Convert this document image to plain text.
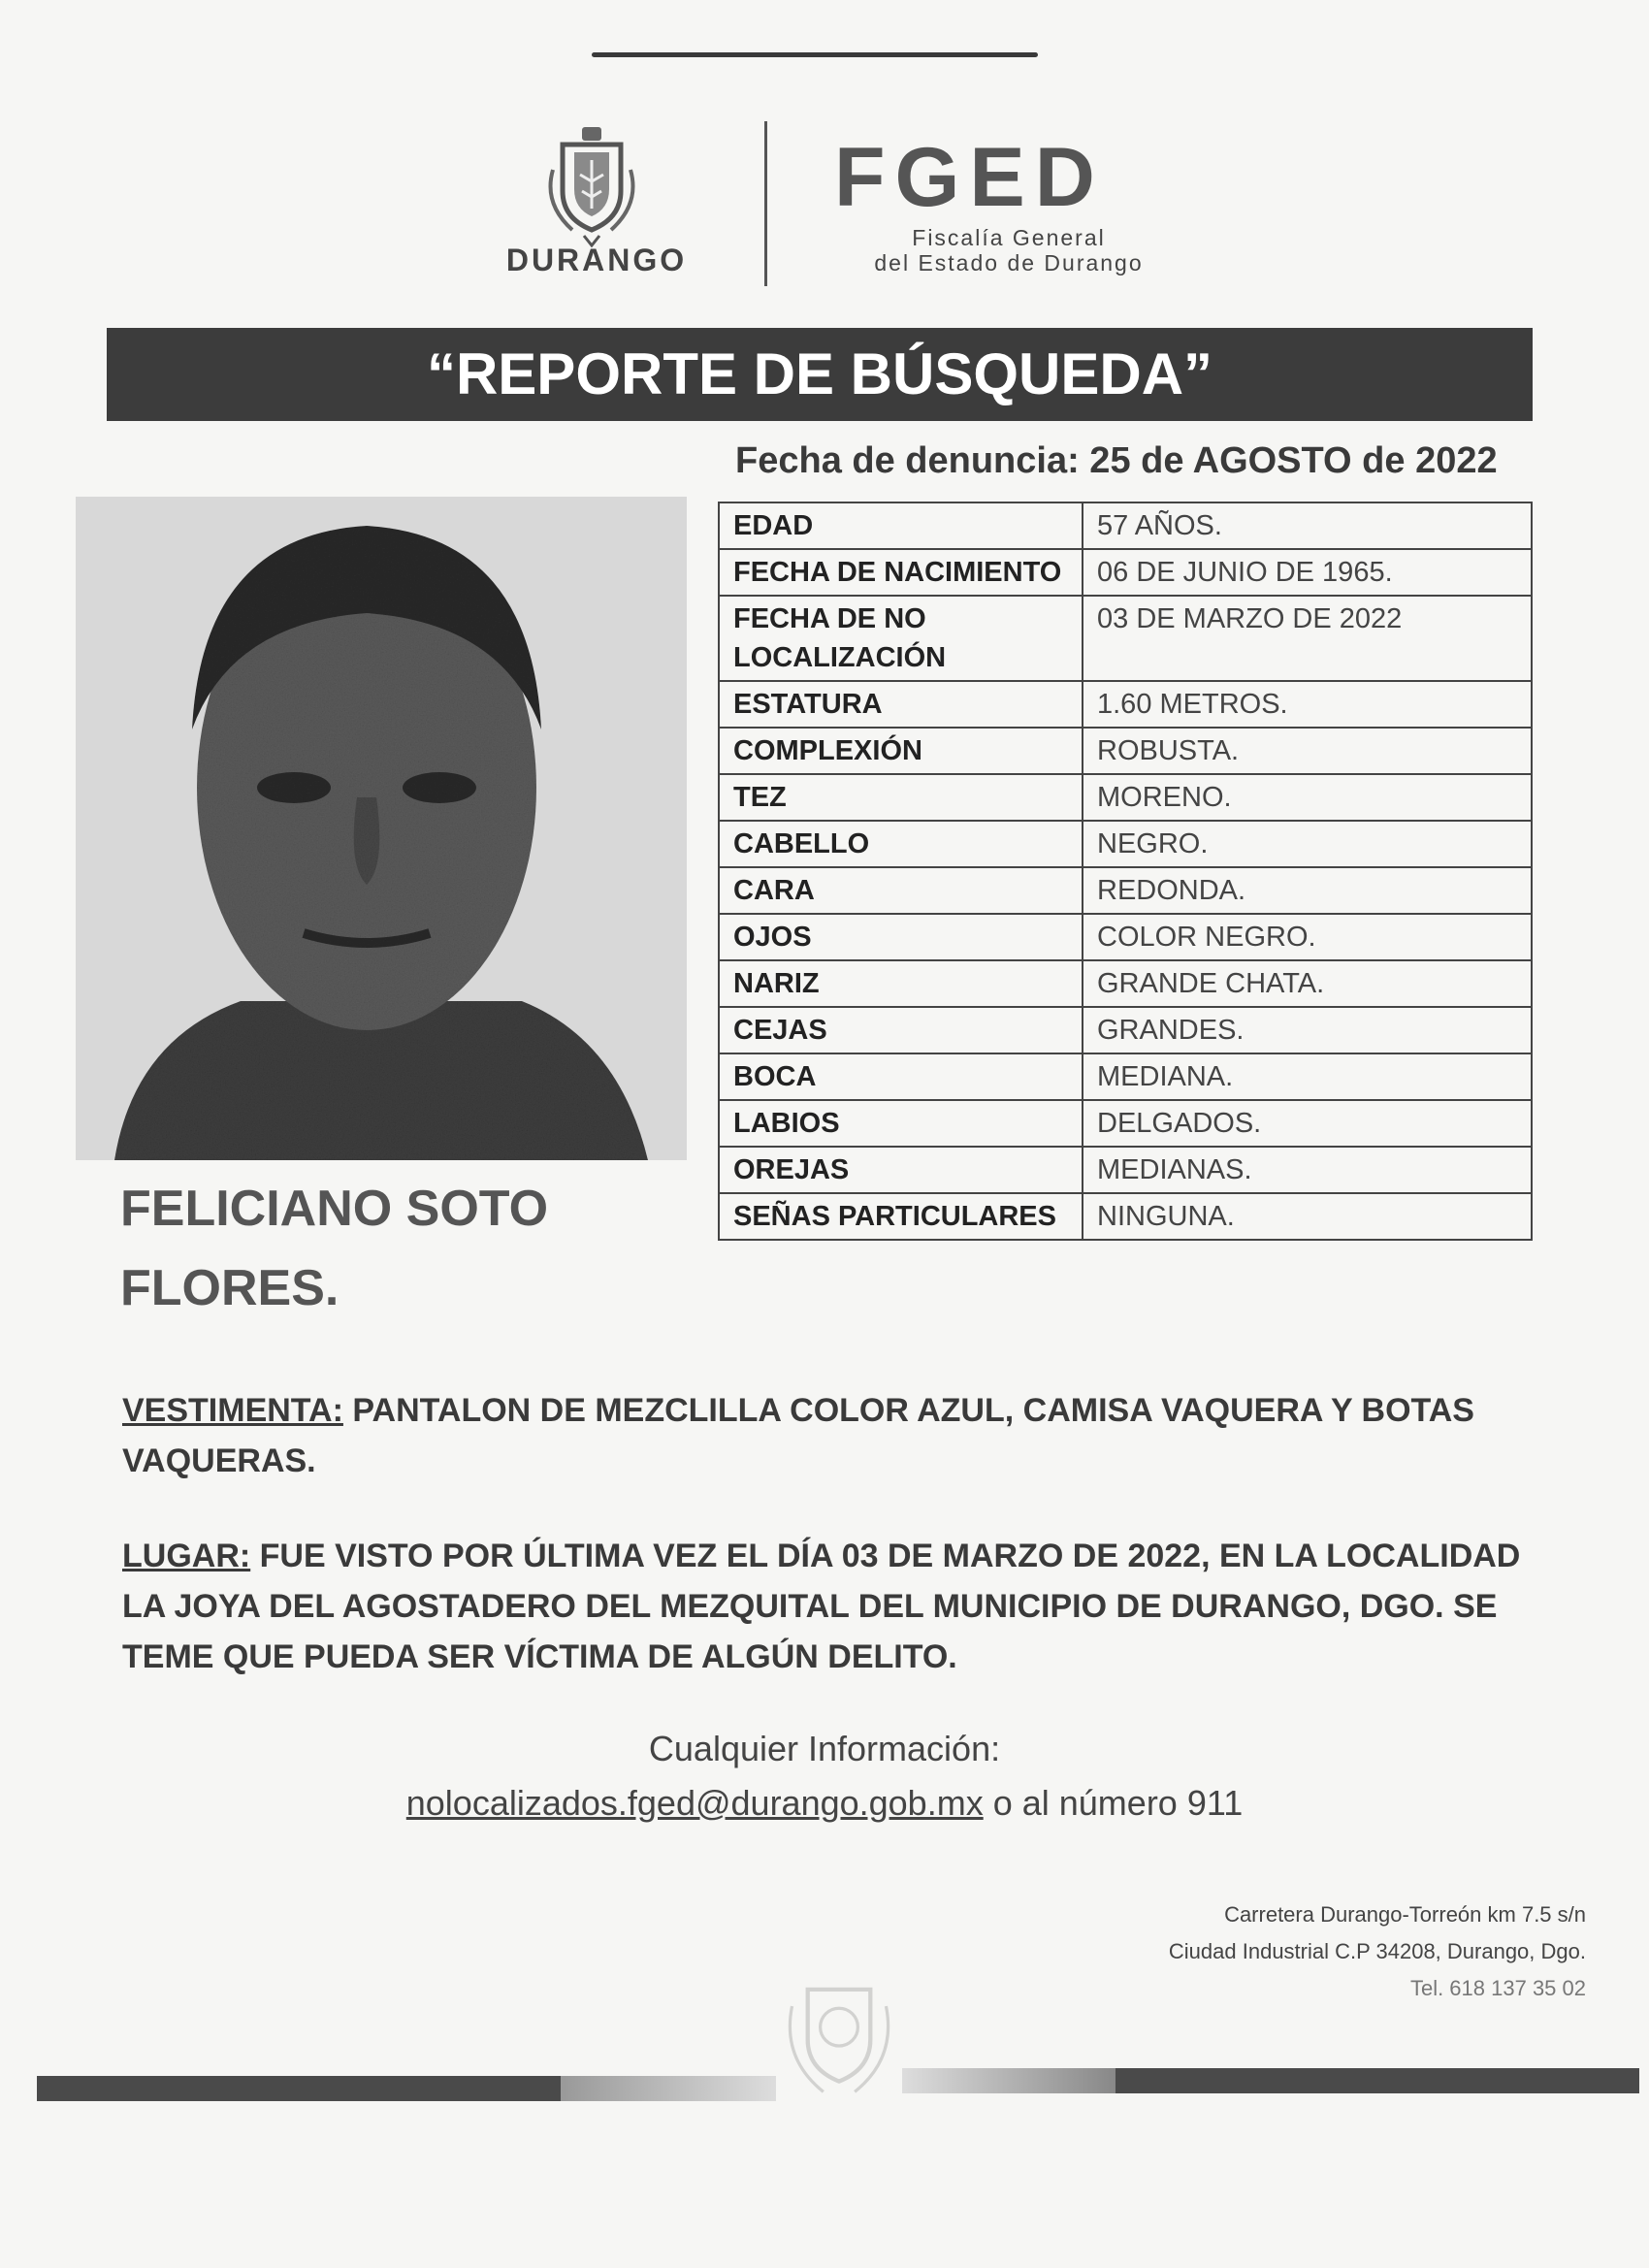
DURANGO
FGED
Fiscalía General
del Estado de Durango
“REPORTE DE BÚSQUEDA”
Fecha de denuncia: 25 de AGOSTO de 2022
FELICIANO SOTO
FLORES.
EDAD	57 AÑOS.
FECHA DE NACIMIENTO	06 DE JUNIO DE 1965.
FECHA DE NO LOCALIZACIÓN	03 DE MARZO DE 2022
ESTATURA	1.60 METROS.
COMPLEXIÓN	ROBUSTA.
TEZ	MORENO.
CABELLO	NEGRO.
CARA	REDONDA.
OJOS	COLOR NEGRO.
NARIZ	GRANDE CHATA.
CEJAS	GRANDES.
BOCA	MEDIANA.
LABIOS	DELGADOS.
OREJAS	MEDIANAS.
SEÑAS PARTICULARES	NINGUNA.
VESTIMENTA: PANTALON DE MEZCLILLA COLOR AZUL, CAMISA VAQUERA Y BOTAS VAQUERAS.
LUGAR: FUE VISTO POR ÚLTIMA VEZ EL DÍA 03 DE MARZO DE 2022, EN LA LOCALIDAD LA JOYA DEL AGOSTADERO DEL MEZQUITAL DEL MUNICIPIO DE DURANGO, DGO. SE TEME QUE PUEDA SER VÍCTIMA DE ALGÚN DELITO.
Cualquier Información:
nolocalizados.fged@durango.gob.mx o al número 911
Carretera Durango-Torreón km 7.5 s/n
Ciudad Industrial C.P 34208, Durango, Dgo.
Tel. 618 137 35 02
